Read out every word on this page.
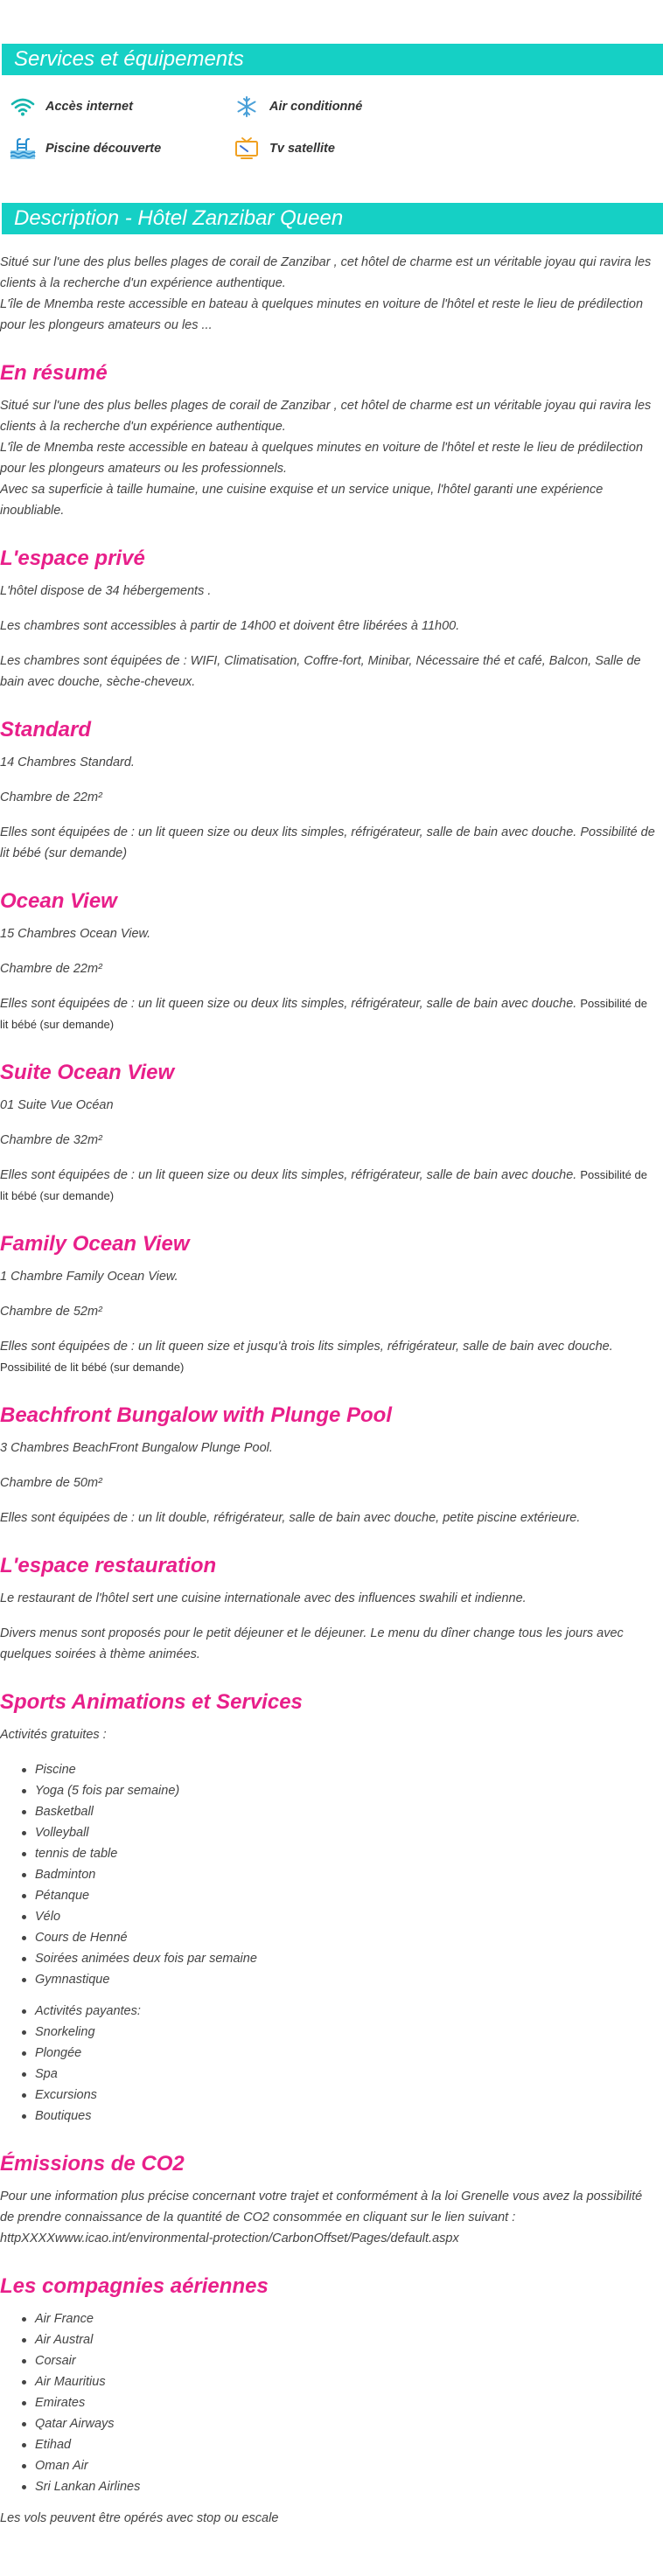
Services et équipements
Accès internet	Air conditionné
Piscine découverte	Tv satellite
Description - Hôtel Zanzibar Queen

Situé sur l'une des plus belles plages de corail de Zanzibar , cet hôtel de charme est un véritable joyau qui ravira les clients à la recherche d'un expérience authentique.

L'île de Mnemba reste accessible en bateau à quelques minutes en voiture de l'hôtel et reste le lieu de prédilection pour les plongeurs amateurs ou les ...

En résumé

Situé sur l'une des plus belles plages de corail de Zanzibar , cet hôtel de charme est un véritable joyau qui ravira les clients à la recherche d'un expérience authentique.

L'île de Mnemba reste accessible en bateau à quelques minutes en voiture de l'hôtel et reste le lieu de prédilection pour les plongeurs amateurs ou les professionnels.

Avec sa superficie à taille humaine, une cuisine exquise et un service unique, l'hôtel garanti une expérience inoubliable.

L'espace privé

L'hôtel dispose de 34 hébergements .

Les chambres sont accessibles à partir de 14h00 et doivent être libérées à 11h00.

Les chambres sont équipées de : WIFI, Climatisation, Coffre-fort, Minibar, Nécessaire thé et café, Balcon, Salle de bain avec douche, sèche-cheveux.

Standard

14 Chambres Standard.

Chambre de 22m²

Elles sont équipées de : un lit queen size ou deux lits simples, réfrigérateur, salle de bain avec douche. Possibilité de lit bébé (sur demande)

Ocean View

15 Chambres Ocean View.

Chambre de 22m²

Elles sont équipées de : un lit queen size ou deux lits simples, réfrigérateur, salle de bain avec douche. Possibilité de lit bébé (sur demande)

Suite Ocean View

01 Suite Vue Océan

Chambre de 32m²

Elles sont équipées de : un lit queen size ou deux lits simples, réfrigérateur, salle de bain avec douche. Possibilité de lit bébé (sur demande)

Family Ocean View

1 Chambre Family Ocean View.

Chambre de 52m²

Elles sont équipées de : un lit queen size et jusqu'à trois lits simples, réfrigérateur, salle de bain avec douche.
Possibilité de lit bébé (sur demande)

Beachfront Bungalow with Plunge Pool

3 Chambres BeachFront Bungalow Plunge Pool.

Chambre de 50m²

Elles sont équipées de : un lit double, réfrigérateur, salle de bain avec douche, petite piscine extérieure.

L'espace restauration

Le restaurant de l'hôtel sert une cuisine internationale avec des influences swahili et indienne.

Divers menus sont proposés pour le petit déjeuner et le déjeuner. Le menu du dîner change tous les jours avec quelques soirées à thème animées.

Sports Animations et Services

Activités gratuites :

Piscine
Yoga (5 fois par semaine)
Basketball
Volleyball
tennis de table
Badminton
Pétanque
Vélo
Cours de Henné
Soirées animées deux fois par semaine
Gymnastique
Activités payantes:
Snorkeling
Plongée
Spa
Excursions
Boutiques
Émissions de CO2

Pour une information plus précise concernant votre trajet et conformément à la loi Grenelle vous avez la possibilité de prendre connaissance de la quantité de CO2 consommée en cliquant sur le lien suivant : httpXXXXwww.icao.int/environmental-protection/CarbonOffset/Pages/default.aspx

Les compagnies aériennes
Air France
Air Austral
Corsair
Air Mauritius
Emirates
Qatar Airways
Etihad
Oman Air
Sri Lankan Airlines

Les vols peuvent être opérés avec stop ou escale
